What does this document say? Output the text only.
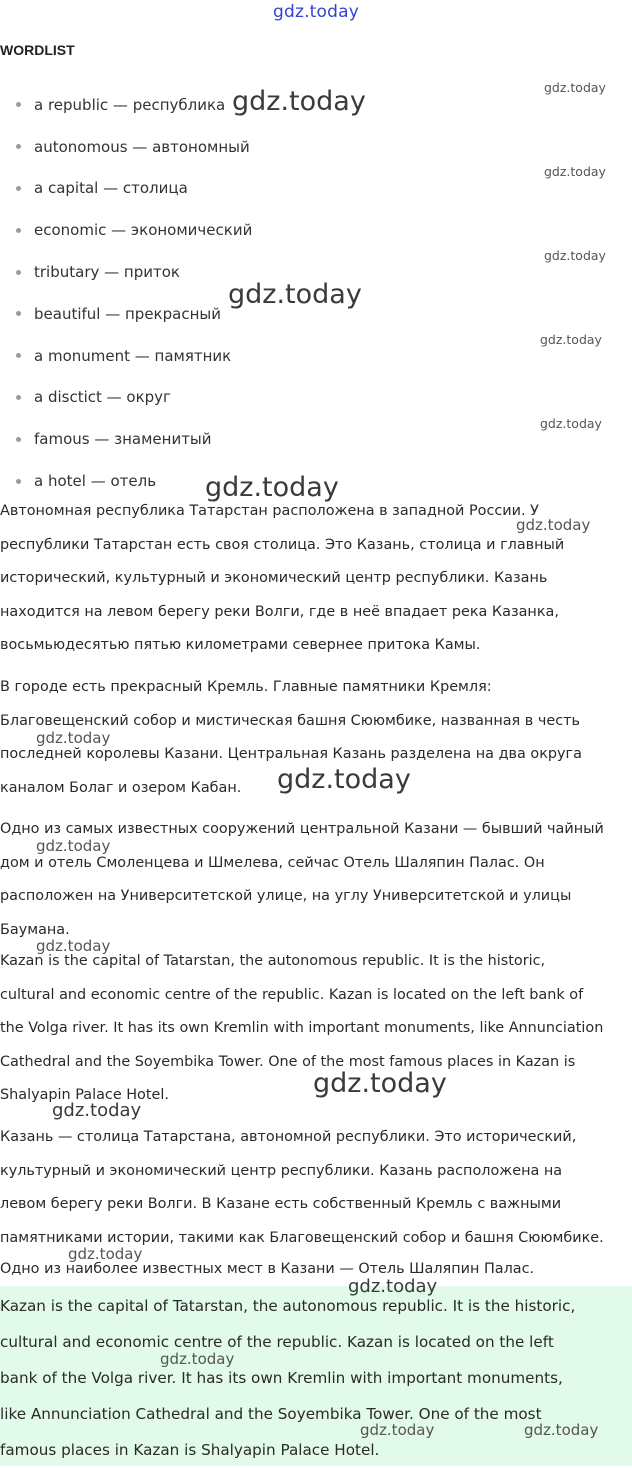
gdz.today
WORDLIST
a republic — республика
autonomous — автономный
a capital — столица
economic — экономический
tributary — приток
beautiful — прекрасный
a monument — памятник
a disctict — округ
famous — знаменитый
a hotel — отель

Автономная республика Татарстан расположена в западной России. У

республики Татарстан есть своя столица. Это Казань, столица и главный

исторический, культурный и экономический центр республики. Казань

находится на левом берегу реки Волги, где в неё впадает река Казанка,

восьмьюдесятью пятью километрами севернее притока Камы.

В городе есть прекрасный Кремль. Главные памятники Кремля:

Благовещенский собор и мистическая башня Сююмбике, названная в честь

последней королевы Казани. Центральная Казань разделена на два округа

каналом Болаг и озером Кабан.

Одно из самых известных сооружений центральной Казани — бывший чайный

дом и отель Смоленцева и Шмелева, сейчас Отель Шаляпин Палас. Он

расположен на Университетской улице, на углу Университетской и улицы

Баумана.

Kazan is the capital of Tatarstan, the autonomous republic. It is the historic,

cultural and economic centre of the republic. Kazan is located on the left bank of

the Volga river. It has its own Kremlin with important monuments, like Annunciation

Cathedral and the Soyembika Tower. One of the most famous places in Kazan is

Shalyapin Palace Hotel.

Казань — столица Татарстана, автономной республики. Это исторический,

культурный и экономический центр республики. Казань расположена на

левом берегу реки Волги. В Казане есть собственный Кремль с важными

памятниками истории, такими как Благовещенский собор и башня Сююмбике.

Одно из наиболее известных мест в Казани — Отель Шаляпин Палас.

Kazan is the capital of Tatarstan, the autonomous republic. It is the historic,

cultural and economic centre of the republic. Kazan is located on the left

bank of the Volga river. It has its own Kremlin with important monuments,

like Annunciation Cathedral and the Soyembika Tower. One of the most

famous places in Kazan is Shalyapin Palace Hotel.

gdz.today
gdz.today
gdz.today
gdz.today
gdz.today
gdz.today
gdz.today
gdz.today
gdz.today
gdz.today
gdz.today
gdz.today
gdz.today
gdz.today
gdz.today
gdz.today
gdz.today
gdz.today
gdz.today	gdz.today
